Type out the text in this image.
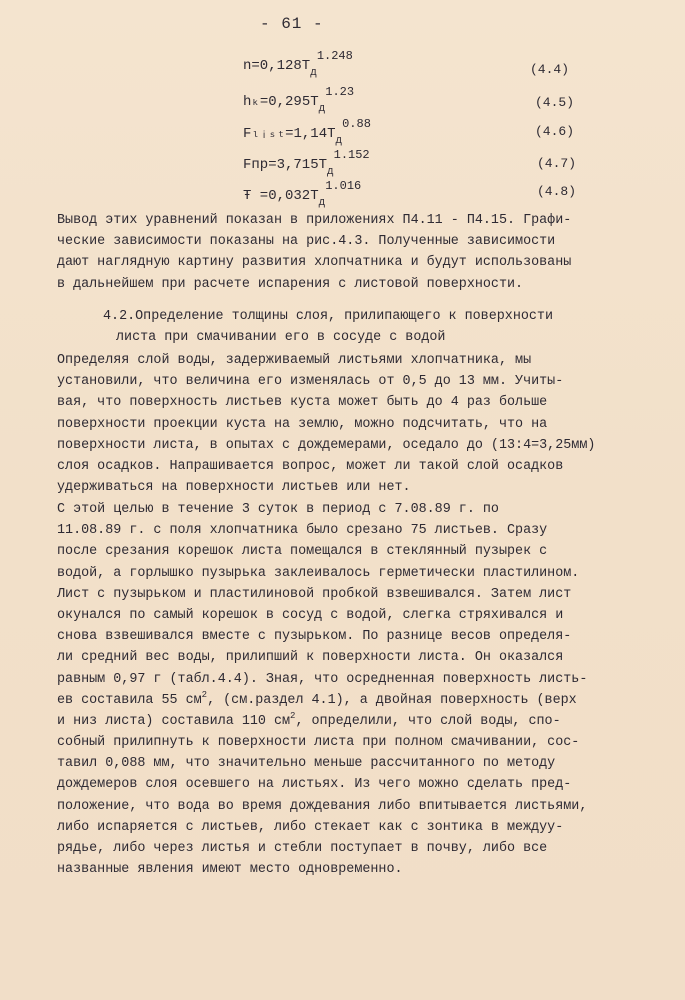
- 61 -
$n=0,128T_д1.248$
(4.4)
$h_k=0,295T_д1.23$
(4.5)
$F_lᵢ_{st}=1,14T_д0.88$	(4.6)
$Fпр=3,715T_д1.152$
(4.7)
Ŧ $=0,032T_д1.016$	(4.8)
Вывод этих уравнений показан в приложениях П4.11 - П4.15. Графи-
ческие зависимости показаны на рис.4.3. Полученные зависимости
дают наглядную картину развития хлопчатника и будут использованы
в дальнейшем при расчете испарения с листовой поверхности.
4.2.Определение толщины слоя, прилипающего к поверхности
листа при смачивании его в сосуде с водой
Определяя слой воды, задерживаемый листьями хлопчатника, мы
установили, что величина его изменялась от 0,5 до 13 мм. Учиты-
вая, что поверхность листьев куста может быть до 4 раз больше
поверхности проекции куста на землю, можно подсчитать, что на
поверхности листа, в опытах с дождемерами, оседало до (13:4=3,25мм)
слоя осадков. Напрашивается вопрос, может ли такой слой осадков
удерживаться на поверхности листьев или нет.
С этой целью в течение 3 суток в период с 7.08.89 г. по
11.08.89 г. с поля хлопчатника было срезано 75 листьев. Сразу
после срезания корешок листа помещался в стеклянный пузырек с
водой, а горлышко пузырька заклеивалось герметически пластилином.
Лист с пузырьком и пластилиновой пробкой взвешивался. Затем лист
окунался по самый корешок в сосуд с водой, слегка стряхивался и
снова взвешивался вместе с пузырьком. По разнице весов определя-
ли средний вес воды, прилипший к поверхности листа. Он оказался
равным 0,97 г (табл.4.4). Зная, что осредненная поверхность листь-
ев составила 55 $см^2$, (см.раздел 4.1), а двойная поверхность (верх
и низ листа) составила 110 $см^2$, определили, что слой воды, спо-
собный прилипнуть к поверхности листа при полном смачивании, сос-
тавил 0,088 мм, что значительно меньше рассчитанного по методу
дождемеров слоя осевшего на листьях. Из чего можно сделать пред-
положение, что вода во время дождевания либо впитывается листьями,
либо испаряется с листьев, либо стекает как с зонтика в междуу-
рядье, либо через листья и стебли поступает в почву, либо все
названные явления имеют место одновременно.
